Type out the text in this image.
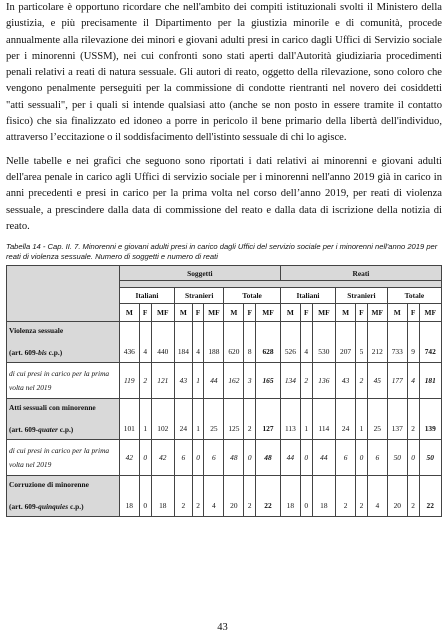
In particolare è opportuno ricordare che nell'ambito dei compiti istituzionali svolti il Ministero della giustizia, e più precisamente il Dipartimento per la giustizia minorile e di comunità, procede annualmente alla rilevazione dei minori e giovani adulti presi in carico dagli Uffici di Servizio sociale per i minorenni (USSM), nei cui confronti sono stati aperti dall'Autorità giudiziaria procedimenti penali relativi a reati di natura sessuale. Gli autori di reato, oggetto della rilevazione, sono coloro che vengono penalmente perseguiti per la commissione di condotte rientranti nel novero dei cosiddetti "atti sessuali", per i quali si intende qualsiasi atto (anche se non posto in essere tramite il contatto fisico) che sia finalizzato ed idoneo a porre in pericolo il bene primario della libertà dell'individuo, attraverso l’eccitazione o il soddisfacimento dell'istinto sessuale di chi lo agisce.

Nelle tabelle e nei grafici che seguono sono riportati i dati relativi ai minorenni e giovani adulti dell'area penale in carico agli Uffici di servizio sociale per i minorenni nell'anno 2019 già in carico in anni precedenti e presi in carico per la prima volta nel corso dell’anno 2019, per reati di violenza sessuale, a prescindere dalla data di commissione del reato e dalla data di iscrizione della notizia di reato.

Tabella 14 - Cap. II. 7. Minorenni e giovani adulti presi in carico dagli Uffici del servizio sociale per i minorenni nell'anno 2019 per reati di violenza sessuale. Numero di soggetti e numero di reati
	Soggetti									Reati								

	Italiani			Stranieri			Totale			Italiani			Stranieri			Totale		
	M	F	MF	M	F	MF	M	F	MF	M	F	MF	M	F	MF	M	F	MF

Violenza sessuale
(art. 609-bis c.p.)	436	4	440	184	4	188	620	8	628	526	4	530	207	5	212	733	9	742
di cui presi in carico per la prima volta nel 2019	119	2	121	43	1	44	162	3	165	134	2	136	43	2	45	177	4	181

Atti sessuali con minorenne
(art. 609-quater c.p.)	101	1	102	24	1	25	125	2	127	113	1	114	24	1	25	137	2	139
di cui presi in carico per la prima volta nel 2019	42	0	42	6	0	6	48	0	48	44	0	44	6	0	6	50	0	50

Corruzione di minorenne
(art. 609-quinquies c.p.)	18	0	18	2	2	4	20	2	22	18	0	18	2	2	4	20	2	22
43
